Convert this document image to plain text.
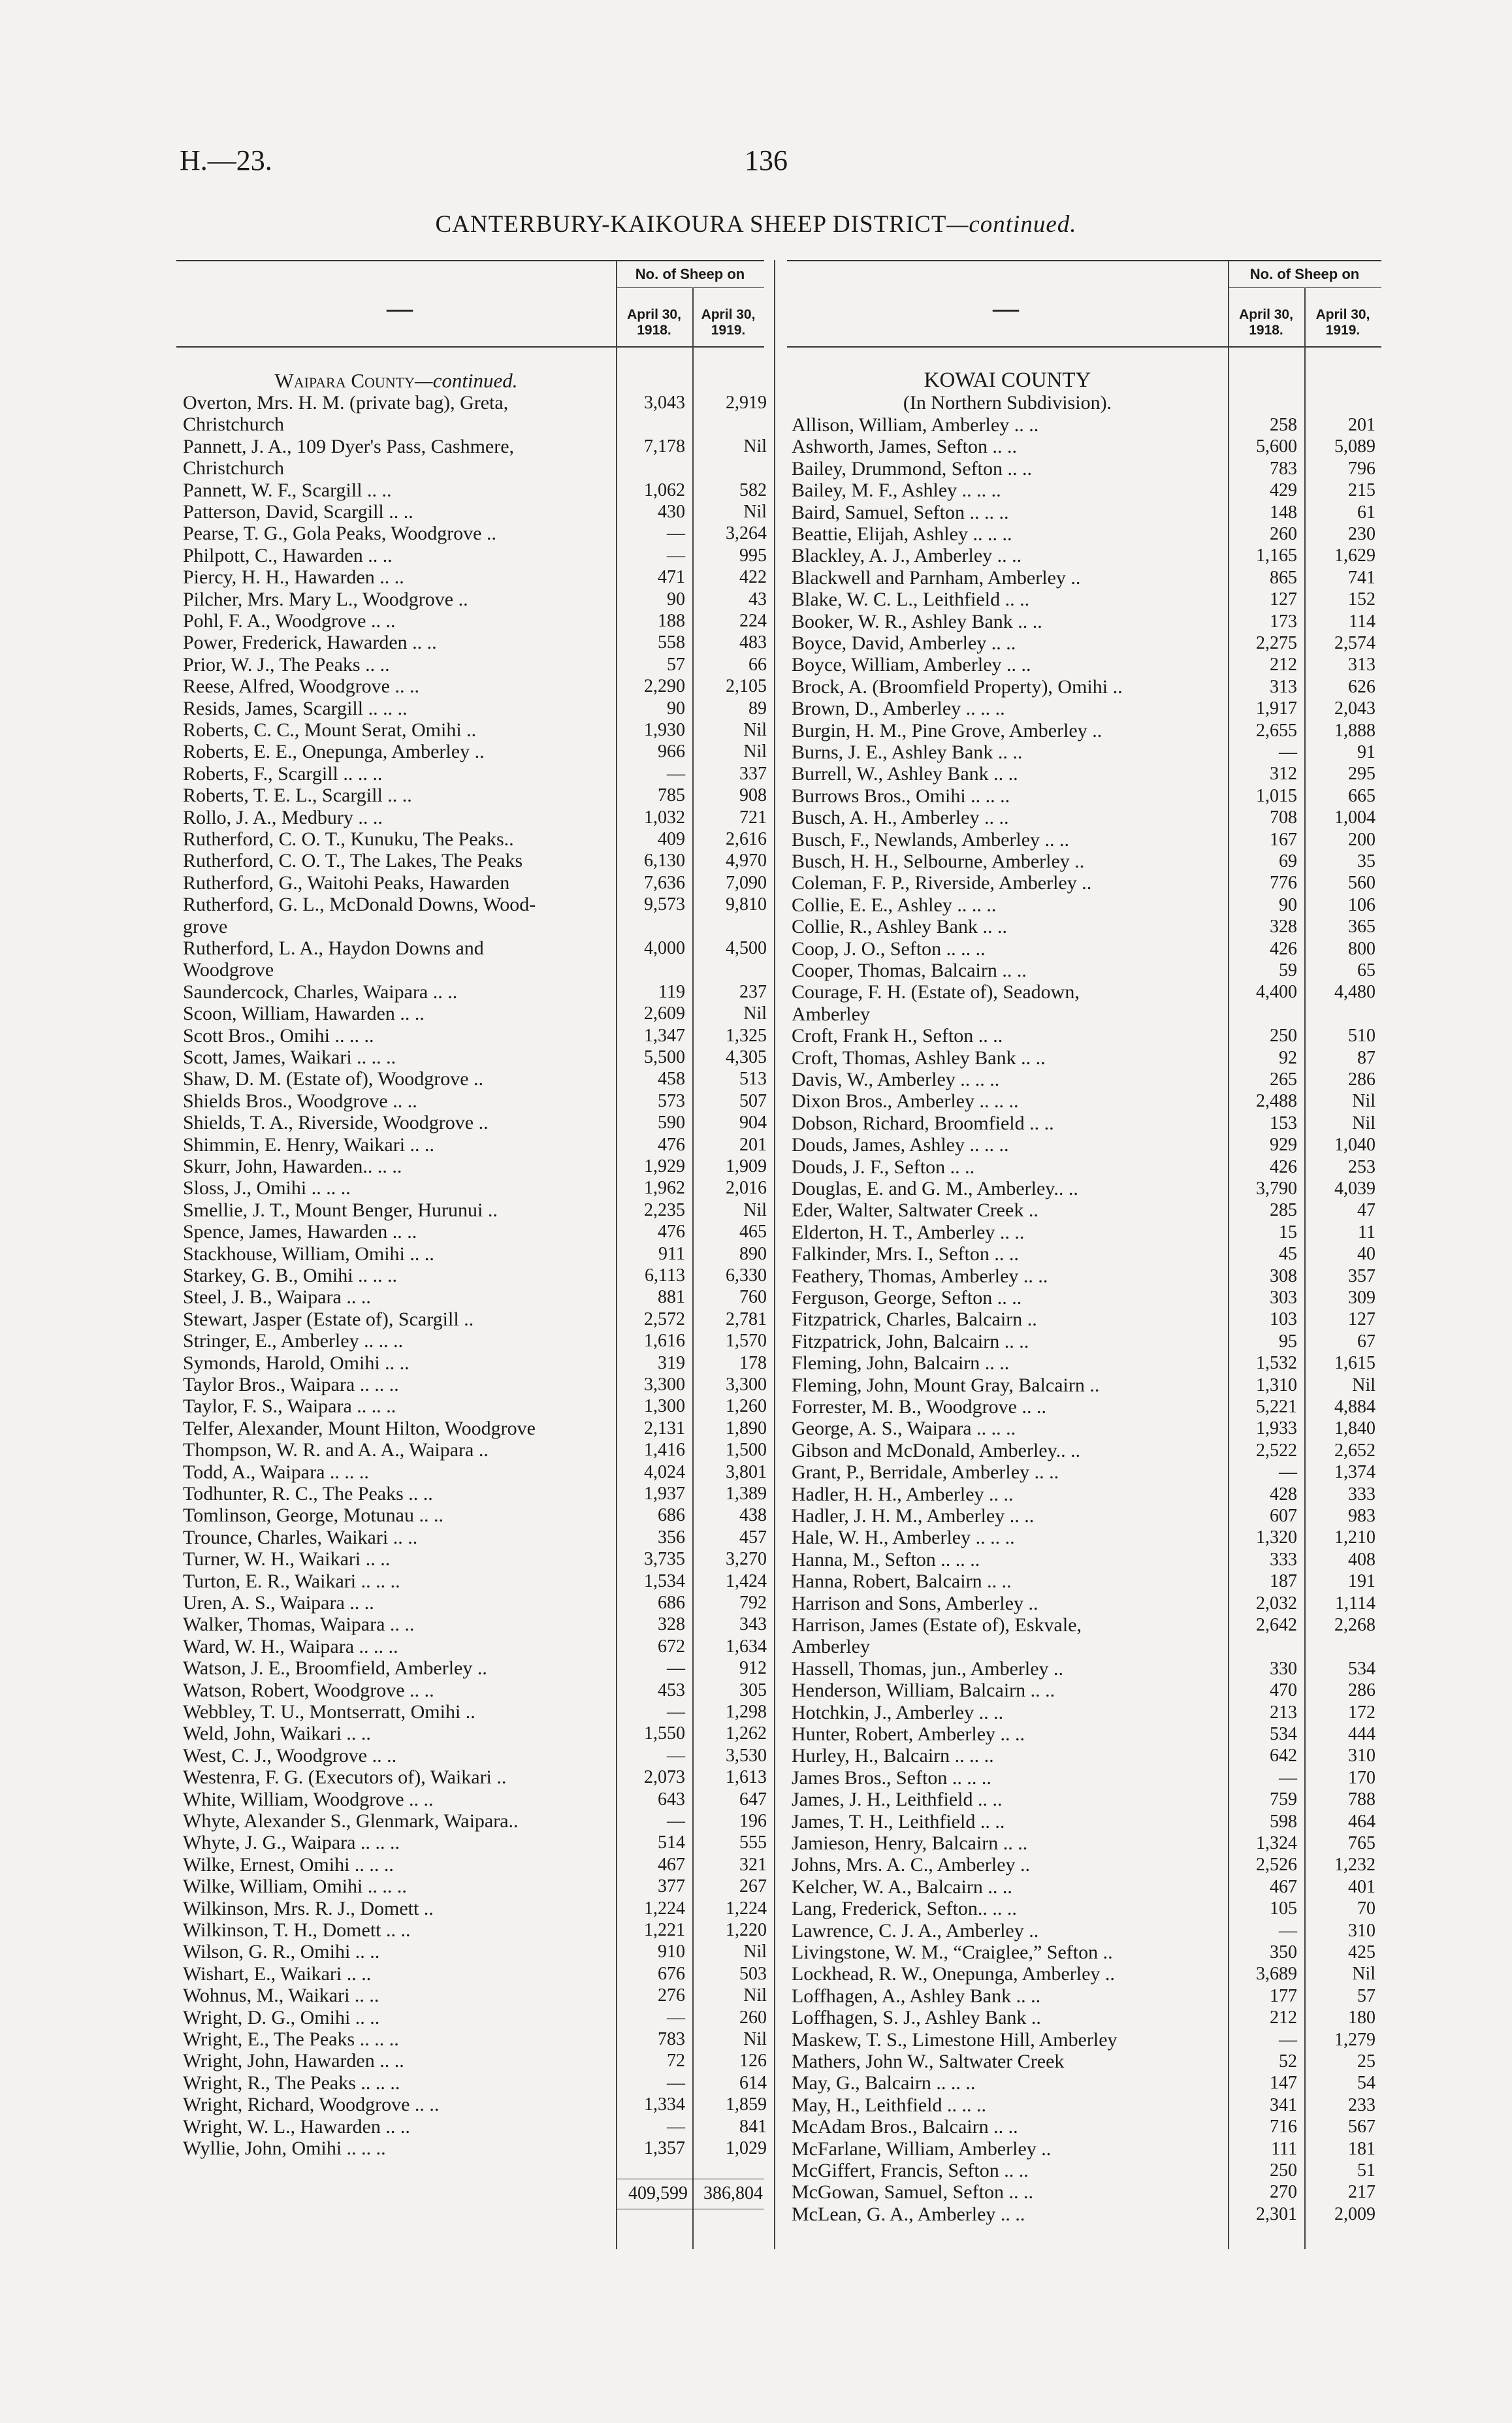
H.—23.	136
CANTERBURY-KAIKOURA SHEEP DISTRICT—continued.
—	—
No. of Sheep on	No. of Sheep on
April 30, 1918.
April 30, 1919.
April 30, 1918.
April 30, 1919.
Waipara County—continued.	KOWAI COUNTY
(In Northern Subdivision).
Overton, Mrs. H. M. (private bag), Greta,	3,043	2,919
Christchurch
Pannett, J. A., 109 Dyer's Pass, Cashmere,	7,178	Nil
Christchurch
Pannett, W. F., Scargill .. ..	1,062	582
Patterson, David, Scargill .. ..	430	Nil
Pearse, T. G., Gola Peaks, Woodgrove ..	—	3,264
Philpott, C., Hawarden .. ..	—	995
Piercy, H. H., Hawarden .. ..	471	422
Pilcher, Mrs. Mary L., Woodgrove ..	90	43
Pohl, F. A., Woodgrove .. ..	188	224
Power, Frederick, Hawarden .. ..	558	483
Prior, W. J., The Peaks .. ..	57	66
Reese, Alfred, Woodgrove .. ..	2,290	2,105
Resids, James, Scargill .. .. ..	90	89
Roberts, C. C., Mount Serat, Omihi ..	1,930	Nil
Roberts, E. E., Onepunga, Amberley ..	966	Nil
Roberts, F., Scargill .. .. ..	—	337
Roberts, T. E. L., Scargill .. ..	785	908
Rollo, J. A., Medbury .. ..	1,032	721
Rutherford, C. O. T., Kunuku, The Peaks..	409	2,616
Rutherford, C. O. T., The Lakes, The Peaks	6,130	4,970
Rutherford, G., Waitohi Peaks, Hawarden	7,636	7,090
Rutherford, G. L., McDonald Downs, Wood-	9,573	9,810
grove
Rutherford, L. A., Haydon Downs and	4,000	4,500
Woodgrove
Saundercock, Charles, Waipara .. ..	119	237
Scoon, William, Hawarden .. ..	2,609	Nil
Scott Bros., Omihi .. .. ..	1,347	1,325
Scott, James, Waikari .. .. ..	5,500	4,305
Shaw, D. M. (Estate of), Woodgrove ..	458	513
Shields Bros., Woodgrove .. ..	573	507
Shields, T. A., Riverside, Woodgrove ..	590	904
Shimmin, E. Henry, Waikari .. ..	476	201
Skurr, John, Hawarden.. .. ..	1,929	1,909
Sloss, J., Omihi .. .. ..	1,962	2,016
Smellie, J. T., Mount Benger, Hurunui ..	2,235	Nil
Spence, James, Hawarden .. ..	476	465
Stackhouse, William, Omihi .. ..	911	890
Starkey, G. B., Omihi .. .. ..	6,113	6,330
Steel, J. B., Waipara .. ..	881	760
Stewart, Jasper (Estate of), Scargill ..	2,572	2,781
Stringer, E., Amberley .. .. ..	1,616	1,570
Symonds, Harold, Omihi .. ..	319	178
Taylor Bros., Waipara .. .. ..	3,300	3,300
Taylor, F. S., Waipara .. .. ..	1,300	1,260
Telfer, Alexander, Mount Hilton, Woodgrove	2,131	1,890
Thompson, W. R. and A. A., Waipara ..	1,416	1,500
Todd, A., Waipara .. .. ..	4,024	3,801
Todhunter, R. C., The Peaks .. ..	1,937	1,389
Tomlinson, George, Motunau .. ..	686	438
Trounce, Charles, Waikari .. ..	356	457
Turner, W. H., Waikari .. ..	3,735	3,270
Turton, E. R., Waikari .. .. ..	1,534	1,424
Uren, A. S., Waipara .. ..	686	792
Walker, Thomas, Waipara .. ..	328	343
Ward, W. H., Waipara .. .. ..	672	1,634
Watson, J. E., Broomfield, Amberley ..	—	912
Watson, Robert, Woodgrove .. ..	453	305
Webbley, T. U., Montserratt, Omihi ..	—	1,298
Weld, John, Waikari .. ..	1,550	1,262
West, C. J., Woodgrove .. ..	—	3,530
Westenra, F. G. (Executors of), Waikari ..	2,073	1,613
White, William, Woodgrove .. ..	643	647
Whyte, Alexander S., Glenmark, Waipara..	—	196
Whyte, J. G., Waipara .. .. ..	514	555
Wilke, Ernest, Omihi .. .. ..	467	321
Wilke, William, Omihi .. .. ..	377	267
Wilkinson, Mrs. R. J., Domett ..	1,224	1,224
Wilkinson, T. H., Domett .. ..	1,221	1,220
Wilson, G. R., Omihi .. ..	910	Nil
Wishart, E., Waikari .. ..	676	503
Wohnus, M., Waikari .. ..	276	Nil
Wright, D. G., Omihi .. ..	—	260
Wright, E., The Peaks .. .. ..	783	Nil
Wright, John, Hawarden .. ..	72	126
Wright, R., The Peaks .. .. ..	—	614
Wright, Richard, Woodgrove .. ..	1,334	1,859
Wright, W. L., Hawarden .. ..	—	841
Wyllie, John, Omihi .. .. ..	1,357	1,029
Allison, William, Amberley .. ..	258	201
Ashworth, James, Sefton .. ..	5,600	5,089
Bailey, Drummond, Sefton .. ..	783	796
Bailey, M. F., Ashley .. .. ..	429	215
Baird, Samuel, Sefton .. .. ..	148	61
Beattie, Elijah, Ashley .. .. ..	260	230
Blackley, A. J., Amberley .. ..	1,165	1,629
Blackwell and Parnham, Amberley ..	865	741
Blake, W. C. L., Leithfield .. ..	127	152
Booker, W. R., Ashley Bank .. ..	173	114
Boyce, David, Amberley .. ..	2,275	2,574
Boyce, William, Amberley .. ..	212	313
Brock, A. (Broomfield Property), Omihi ..	313	626
Brown, D., Amberley .. .. ..	1,917	2,043
Burgin, H. M., Pine Grove, Amberley ..	2,655	1,888
Burns, J. E., Ashley Bank .. ..	—	91
Burrell, W., Ashley Bank .. ..	312	295
Burrows Bros., Omihi .. .. ..	1,015	665
Busch, A. H., Amberley .. ..	708	1,004
Busch, F., Newlands, Amberley .. ..	167	200
Busch, H. H., Selbourne, Amberley ..	69	35
Coleman, F. P., Riverside, Amberley ..	776	560
Collie, E. E., Ashley .. .. ..	90	106
Collie, R., Ashley Bank .. ..	328	365
Coop, J. O., Sefton .. .. ..	426	800
Cooper, Thomas, Balcairn .. ..	59	65
Courage, F. H. (Estate of), Seadown,	4,400	4,480
Amberley
Croft, Frank H., Sefton .. ..	250	510
Croft, Thomas, Ashley Bank .. ..	92	87
Davis, W., Amberley .. .. ..	265	286
Dixon Bros., Amberley .. .. ..	2,488	Nil
Dobson, Richard, Broomfield .. ..	153	Nil
Douds, James, Ashley .. .. ..	929	1,040
Douds, J. F., Sefton .. ..	426	253
Douglas, E. and G. M., Amberley.. ..	3,790	4,039
Eder, Walter, Saltwater Creek ..	285	47
Elderton, H. T., Amberley .. ..	15	11
Falkinder, Mrs. I., Sefton .. ..	45	40
Feathery, Thomas, Amberley .. ..	308	357
Ferguson, George, Sefton .. ..	303	309
Fitzpatrick, Charles, Balcairn ..	103	127
Fitzpatrick, John, Balcairn .. ..	95	67
Fleming, John, Balcairn .. ..	1,532	1,615
Fleming, John, Mount Gray, Balcairn ..	1,310	Nil
Forrester, M. B., Woodgrove .. ..	5,221	4,884
George, A. S., Waipara .. .. ..	1,933	1,840
Gibson and McDonald, Amberley.. ..	2,522	2,652
Grant, P., Berridale, Amberley .. ..	—	1,374
Hadler, H. H., Amberley .. ..	428	333
Hadler, J. H. M., Amberley .. ..	607	983
Hale, W. H., Amberley .. .. ..	1,320	1,210
Hanna, M., Sefton .. .. ..	333	408
Hanna, Robert, Balcairn .. ..	187	191
Harrison and Sons, Amberley ..	2,032	1,114
Harrison, James (Estate of), Eskvale,	2,642	2,268
Amberley
Hassell, Thomas, jun., Amberley ..	330	534
Henderson, William, Balcairn .. ..	470	286
Hotchkin, J., Amberley .. ..	213	172
Hunter, Robert, Amberley .. ..	534	444
Hurley, H., Balcairn .. .. ..	642	310
James Bros., Sefton .. .. ..	—	170
James, J. H., Leithfield .. ..	759	788
James, T. H., Leithfield .. ..	598	464
Jamieson, Henry, Balcairn .. ..	1,324	765
Johns, Mrs. A. C., Amberley ..	2,526	1,232
Kelcher, W. A., Balcairn .. ..	467	401
Lang, Frederick, Sefton.. .. ..	105	70
Lawrence, C. J. A., Amberley ..	—	310
Livingstone, W. M., “Craiglee,” Sefton ..	350	425
Lockhead, R. W., Onepunga, Amberley ..	3,689	Nil
Loffhagen, A., Ashley Bank .. ..	177	57
Loffhagen, S. J., Ashley Bank ..	212	180
Maskew, T. S., Limestone Hill, Amberley	—	1,279
Mathers, John W., Saltwater Creek	52	25
May, G., Balcairn .. .. ..	147	54
May, H., Leithfield .. .. ..	341	233
McAdam Bros., Balcairn .. ..	716	567
McFarlane, William, Amberley ..	111	181
McGiffert, Francis, Sefton .. ..	250	51
McGowan, Samuel, Sefton .. ..	270	217
McLean, G. A., Amberley .. ..	2,301	2,009
409,599 386,804
